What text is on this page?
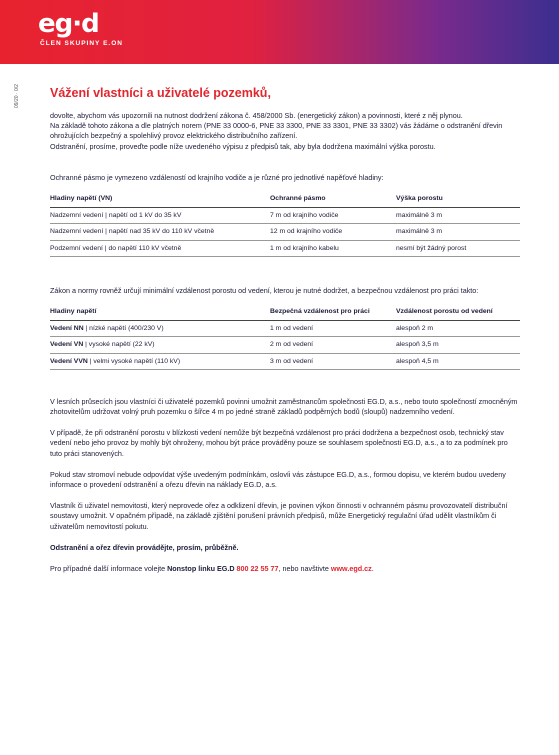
eg·d
ČLEN SKUPINY E.ON
09/20 · 0/2 Vážení vlastníci a uživatelé pozemků,

dovolte, abychom vás upozornili na nutnost dodržení zákona č. 458/2000 Sb. (energetický zákon) a povinnosti, které z něj plynou.

Na základě tohoto zákona a dle platných norem (PNE 33 0000-6, PNE 33 3300, PNE 33 3301, PNE 33 3302) vás žádáme o odstranění dřevin ohrožujících bezpečný a spolehlivý provoz elektrického distribučního zařízení.

Odstranění, prosíme, proveďte podle níže uvedeného výpisu z předpisů tak, aby byla dodržena maximální výška porostu.

Ochranné pásmo je vymezeno vzdáleností od krajního vodiče a je různé pro jednotlivé napěťové hladiny:

Hladiny napětí (VN)	Ochranné pásmo	Výška porostu
Nadzemní vedení | napětí od 1 kV do 35 kV	7 m od krajního vodiče	maximálně 3 m
Nadzemní vedení | napětí nad 35 kV do 110 kV včetně	12 m od krajního vodiče	maximálně 3 m
Podzemní vedení | do napětí 110 kV včetně	1 m od krajního kabelu	nesmí být žádný porost

Zákon a normy rovněž určují minimální vzdálenost porostu od vedení, kterou je nutné dodržet, a bezpečnou vzdálenost pro práci takto:

Hladiny napětí	Bezpečná vzdálenost pro práci	Vzdálenost porostu od vedení
Vedení NN | nízké napětí (400/230 V)	1 m od vedení	alespoň 2 m
Vedení VN | vysoké napětí (22 kV)	2 m od vedení	alespoň 3,5 m
Vedení VVN | velmi vysoké napětí (110 kV)	3 m od vedení	alespoň 4,5 m

V lesních průsecích jsou vlastníci či uživatelé pozemků povinni umožnit zaměstnancům společnosti EG.D, a.s., nebo touto společností zmocněným zhotovitelům udržovat volný pruh pozemku o šířce 4 m po jedné straně základů podpěrných bodů (sloupů) nadzemního vedení.

V případě, že při odstranění porostu v blízkosti vedení nemůže být bezpečná vzdálenost pro práci dodržena a bezpečnost osob, technický stav vedení nebo jeho provoz by mohly být ohroženy, mohou být práce prováděny pouze se souhlasem společnosti EG.D, a.s., a to za podmínek pro tuto práci stanovených.

Pokud stav stromoví nebude odpovídat výše uvedeným podmínkám, oslovíi vás zástupce EG.D, a.s., formou dopisu, ve kterém budou uvedeny informace o provedení odstranění a ořezu dřevin na náklady EG.D, a.s.

Vlastník či uživatel nemovitosti, který neprovede ořez a odklizení dřevin, je povinen výkon činnosti v ochranném pásmu provozovatelí distribuční soustavy umožnit. V opačném případě, na základě zjištění porušení právních předpisů, může Energetický regulační úřad udělit vlastníkům či uživatelům nemovitostí pokutu.

Odstranění a ořez dřevin provádějte, prosím, průběžně.

Pro případné další informace volejte Nonstop linku EG.D 800 22 55 77, nebo navštivte www.egd.cz.
